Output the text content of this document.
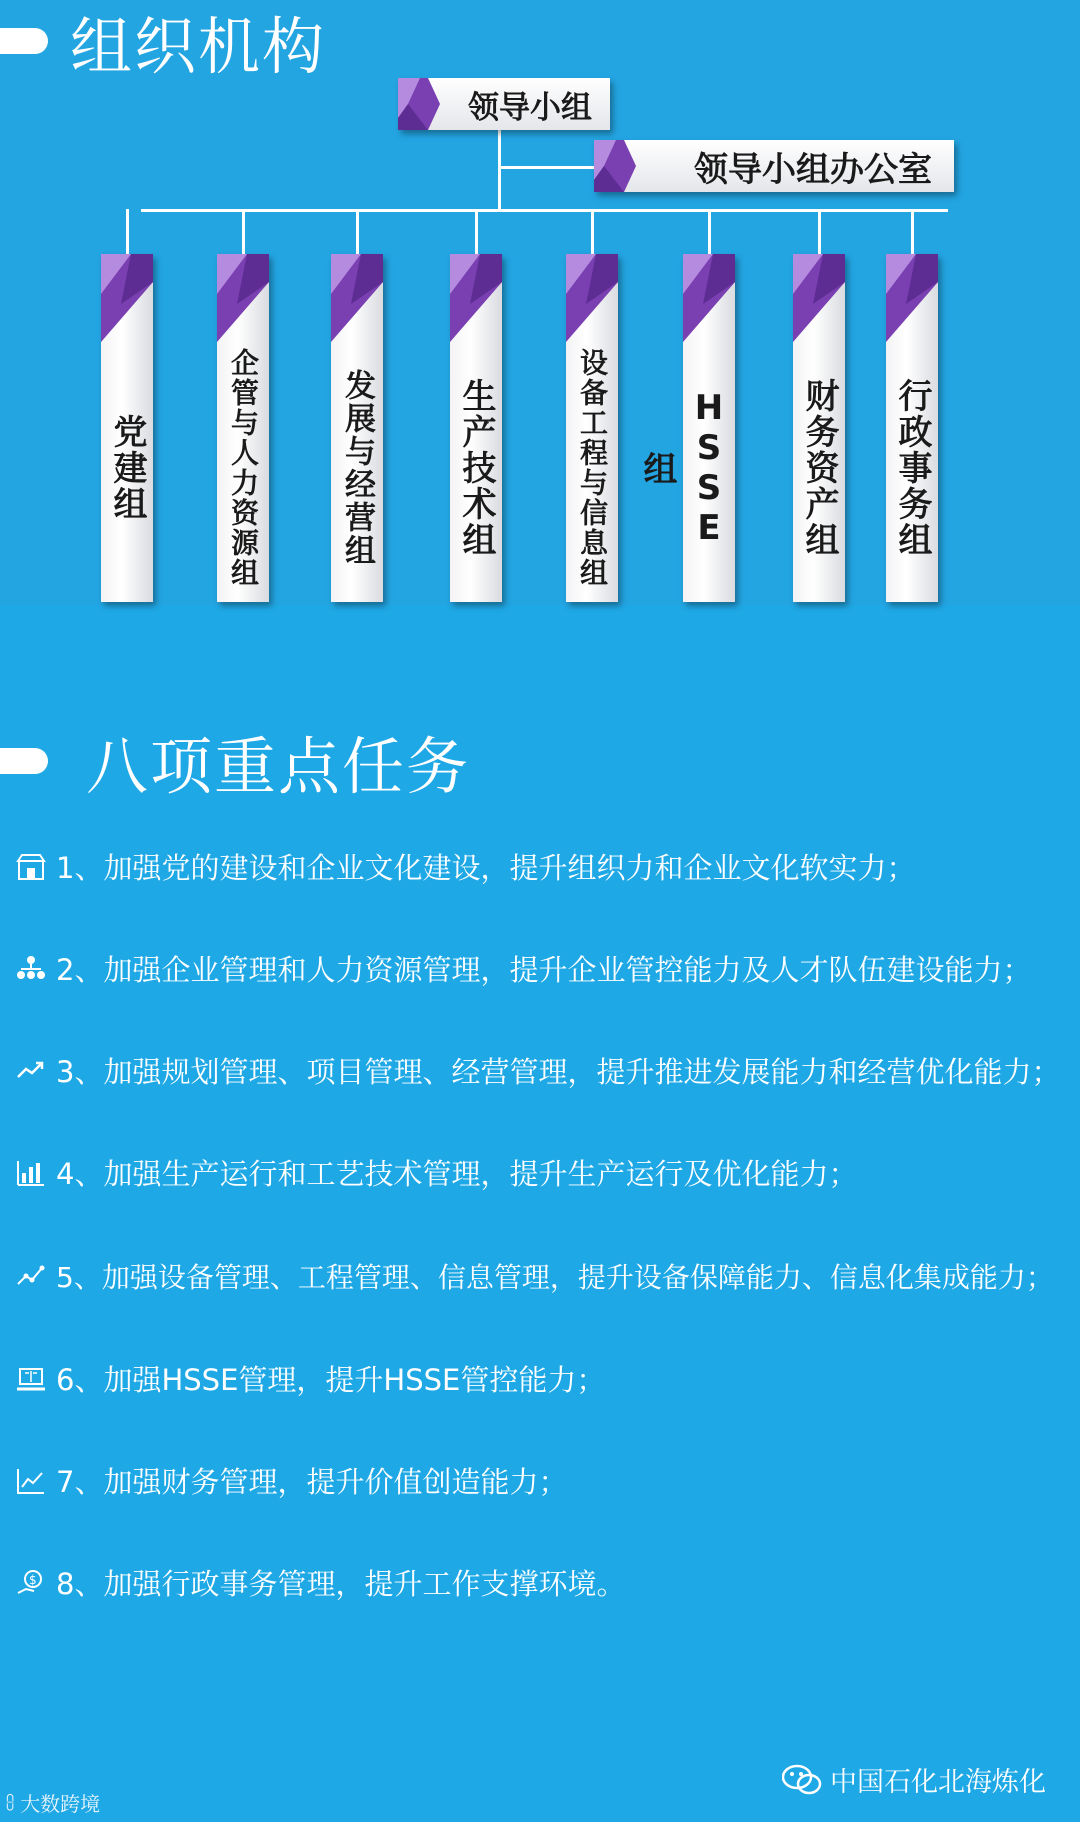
组织机构
领导小组
领导小组办公室
党建组	企管与人力资源组	发展与经营组 生产技术组	设备工程与信息组 HSSE组	财务资产组 行政事务组
八项重点任务
1、加强党的建设和企业文化建设，提升组织力和企业文化软实力；
2、加强企业管理和人力资源管理，提升企业管控能力及人才队伍建设能力；
3、加强规划管理、项目管理、经营管理，提升推进发展能力和经营优化能力；
4、加强生产运行和工艺技术管理，提升生产运行及优化能力；
5、加强设备管理、工程管理、信息管理，提升设备保障能力、信息化集成能力；
6、加强HSSE管理，提升HSSE管控能力；
7、加强财务管理，提升价值创造能力；
$ 8、加强行政事务管理，提升工作支撑环境。
中国石化北海炼化
⩉ 大数跨境
